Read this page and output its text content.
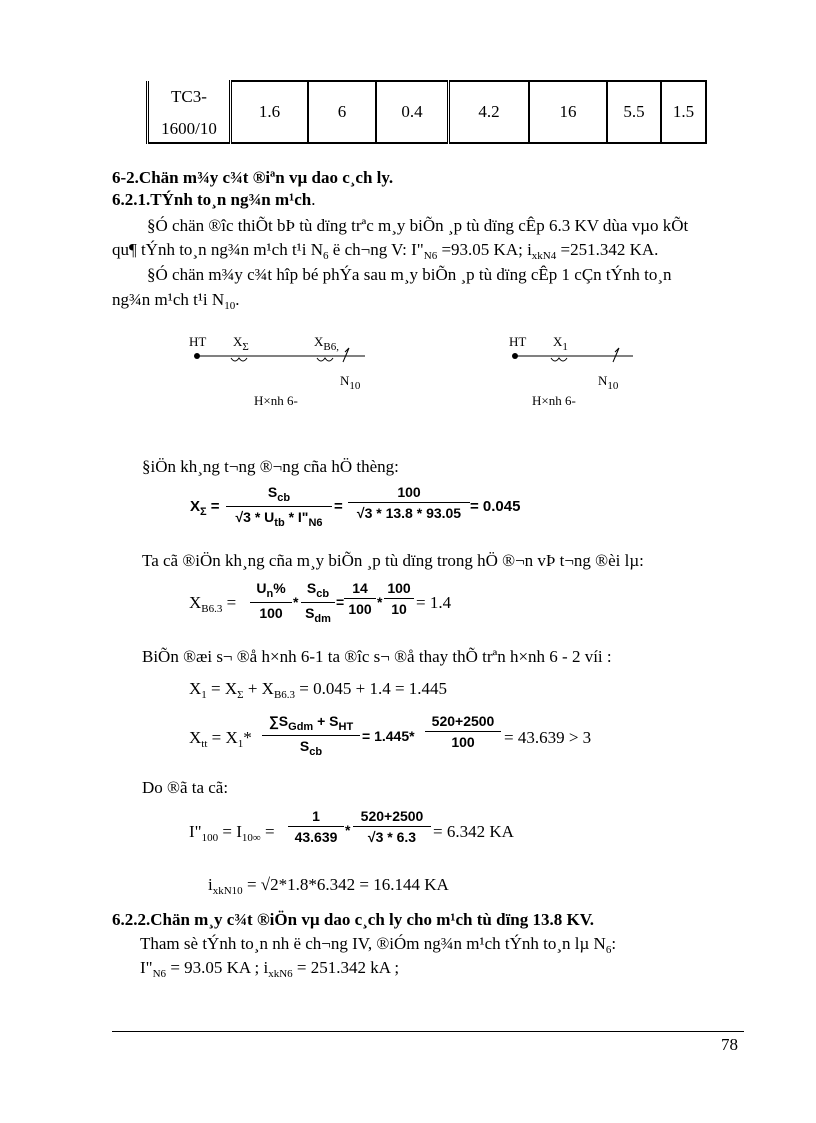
TC3-
1600/10
	1.6	6	0.4	4.2	16	5.5	1.5
6-2.Chän m¾y c¾t ®iªn vµ dao c¸ch ly.
6.2.1.TÝnh to¸n ng¾n m¹ch.
§Ó chän ®îc thiÕt bÞ tù dïng trªc m¸y biÕn ¸p tù dïng cÊp 6.3 KV dùa vµo kÕt
qu¶ tÝnh to¸n ng¾n m¹ch t¹i $N_6$ ë ch¬ng V: $I"_{N6} =93.05$ KA; $i_{xkN4} =251.342$ KA.
§Ó chän m¾y c¾t hîp bé phÝa sau m¸y biÕn ¸p tù dïng cÊp 1 cÇn tÝnh to¸n
ng¾n m¹ch t¹i $N_{10}$.
HT $X_\Sigma$	$X_{B6,}$
$N_{10}$
H×nh 6-
HT $X_1$
$N_{10}$
H×nh 6-
§iÖn kh¸ng t¬ng ®¬ng cña hÖ thèng:
$X_\Sigma$ =
$S_{cb}$
$√3 * U_{tb}$ * $I"_{N6}$
=
100
√3 * 13.8 * 93.05 = 0.045
Ta cã ®iÖn kh¸ng cña m¸y biÕn ¸p tù dïng trong hÖ ®¬n vÞ t¬ng ®èi lµ:
$X_{B6.3}$ =
$U_n\%$
100
*
$S_{cb}$
$S_{dm}$
=
14
100 *
100
10 = 1.4
BiÕn ®æi s¬ ®å h×nh 6-1 ta ®îc s¬ ®å thay thÕ trªn h×nh 6 - 2 víi :
$X_1 = X_\Sigma + X_{B6.3} = 0.045 + 1.4 = 1.445$
$X_{tt} = X_1*$
$\sum S_{Gdm} + S_{HT}$
$S_{cb}$
= 1.445*
520+2500
100	= 43.639 > 3
Do ®ã ta cã:
$I"_{100} = I_{10\infty}$ =
1
43.639 *
520+2500
√3 * 6.3 = 6.342 KA
$i_{xkN10} = √2*1.8*6.342 = 16.144$ KA
6.2.2.Chän m¸y c¾t ®iÖn vµ dao c¸ch ly cho m¹ch tù dïng 13.8 KV.
Tham sè tÝnh to¸n nh ë ch¬ng IV, ®iÓm ng¾n m¹ch tÝnh to¸n lµ $N_6$:
$I"_{N6} = 93.05$ KA ; $i_{xkN6} = 251.342$ kA ;
78
